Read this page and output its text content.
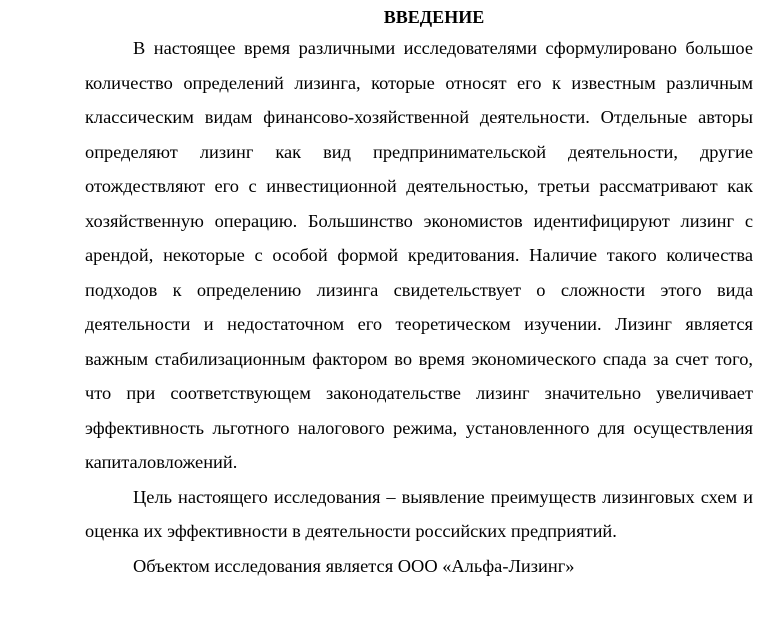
ВВЕДЕНИЕ

В настоящее время различными исследователями сформулировано большое количество определений лизинга, которые относят его к известным различным классическим видам финансово-хозяйственной деятельности. Отдельные авторы определяют лизинг как вид предпринимательской деятельности, другие отождествляют его с инвестиционной деятельностью, третьи рассматривают как хозяйственную операцию. Большинство экономистов идентифицируют лизинг с арендой, некоторые с особой формой кредитования. Наличие такого количества подходов к определению лизинга свидетельствует о сложности этого вида деятельности и недостаточном его теоретическом изучении. Лизинг является важным стабилизационным фактором во время экономического спада за счет того, что при соответствующем законодательстве лизинг значительно увеличивает эффективность льготного налогового режима, установленного для осуществления капиталовложений.

Цель настоящего исследования – выявление преимуществ лизинговых схем и оценка их эффективности в деятельности российских предприятий.

Объектом исследования является ООО «Альфа-Лизинг»
